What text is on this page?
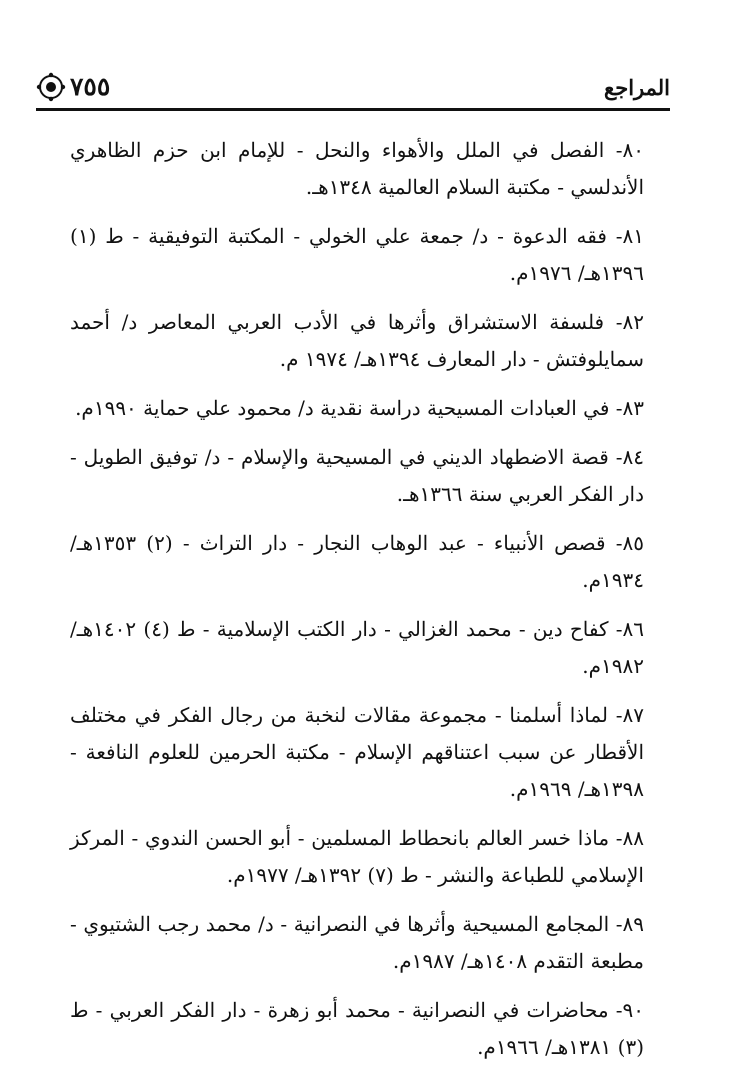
٧٥٥	المراجع

٨٠- الفصل في الملل والأهواء والنحل - للإمام ابن حزم الظاهري الأندلسي - مكتبة السلام العالمية ١٣٤٨هـ.

٨١- فقه الدعوة - د/ جمعة علي الخولي - المكتبة التوفيقية - ط (١) ١٣٩٦هـ/ ١٩٧٦م.

٨٢- فلسفة الاستشراق وأثرها في الأدب العربي المعاصر د/ أحمد سمايلوفتش - دار المعارف ١٣٩٤هـ/ ١٩٧٤ م.

٨٣- في العبادات المسيحية دراسة نقدية د/ محمود علي حماية ١٩٩٠م.

٨٤- قصة الاضطهاد الديني في المسيحية والإسلام - د/ توفيق الطويل - دار الفكر العربي سنة ١٣٦٦هـ.

٨٥- قصص الأنبياء - عبد الوهاب النجار - دار التراث - (٢) ١٣٥٣هـ/ ١٩٣٤م.

٨٦- كفاح دين - محمد الغزالي - دار الكتب الإسلامية - ط (٤) ١٤٠٢هـ/١٩٨٢م.

٨٧- لماذا أسلمنا - مجموعة مقالات لنخبة من رجال الفكر في مختلف الأقطار عن سبب اعتناقهم الإسلام - مكتبة الحرمين للعلوم النافعة - ١٣٩٨هـ/ ١٩٦٩م.

٨٨- ماذا خسر العالم بانحطاط المسلمين - أبو الحسن الندوي - المركز الإسلامي للطباعة والنشر - ط (٧) ١٣٩٢هـ/ ١٩٧٧م.

٨٩- المجامع المسيحية وأثرها في النصرانية - د/ محمد رجب الشتيوي - مطبعة التقدم ١٤٠٨هـ/ ١٩٨٧م.

٩٠- محاضرات في النصرانية - محمد أبو زهرة - دار الفكر العربي - ط (٣) ١٣٨١هـ/ ١٩٦٦م.
